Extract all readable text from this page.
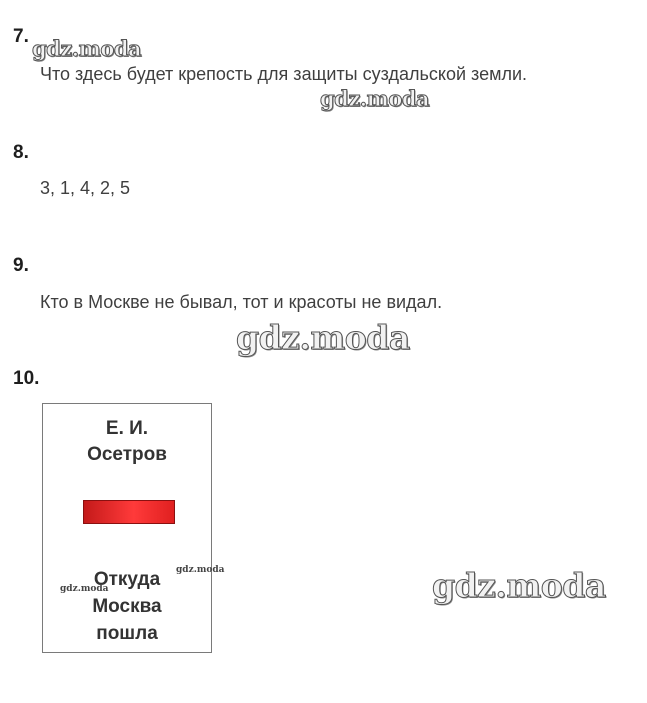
7. gdz.moda
Что здесь будет крепость для защиты суздальской земли.
gdz.moda
8.
3, 1, 4, 2, 5
9.
Кто в Москве не бывал, тот и красоты не видал.
gdz.moda
10.
Е. И.
Осетров
Откуда
Москва
пошла
gdz.moda
gdz.moda	gdz.moda
